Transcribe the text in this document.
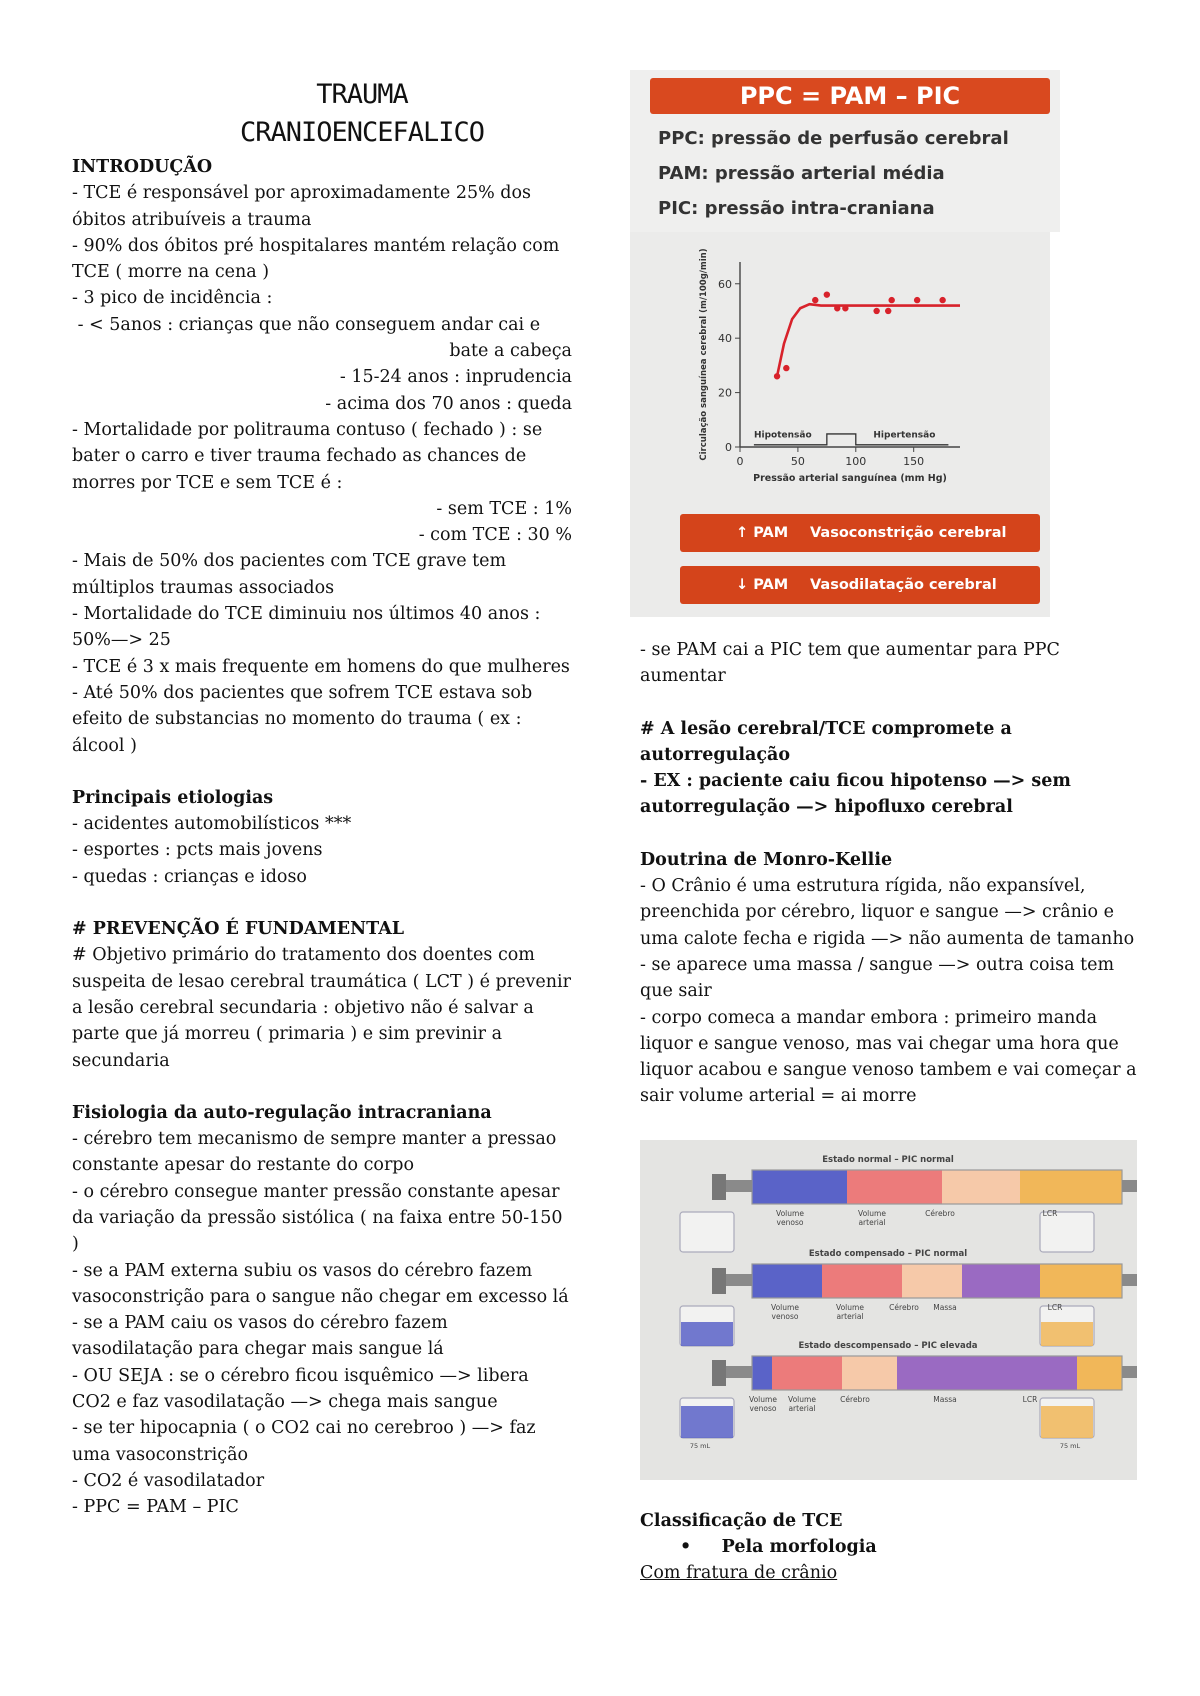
TRAUMA
CRANIOENCEFALICO
INTRODUÇÃO
- TCE é responsável por aproximadamente 25% dos óbitos atribuíveis a trauma
- 90% dos óbitos pré hospitalares mantém relação com TCE ( morre na cena )
- 3 pico de incidência :
- < 5anos : crianças que não conseguem andar cai e
bate a cabeça
- 15-24 anos : inprudencia
- acima dos 70 anos : queda
- Mortalidade por politrauma contuso ( fechado ) : se bater o carro e tiver trauma fechado as chances de morres por TCE e sem TCE é :
- sem TCE : 1%
- com TCE : 30 %
- Mais de 50% dos pacientes com TCE grave tem múltiplos traumas associados
- Mortalidade do TCE diminuiu nos últimos 40 anos :  50%—> 25
- TCE é 3 x mais frequente em homens do que mulheres
- Até 50% dos pacientes que sofrem TCE estava sob efeito de substancias no momento do trauma ( ex : álcool )
Principais etiologias
- acidentes automobilísticos ***
- esportes : pcts mais jovens
- quedas : crianças e idoso
# PREVENÇÃO É FUNDAMENTAL
# Objetivo primário do tratamento dos doentes com suspeita de lesao cerebral traumática ( LCT ) é prevenir a lesão cerebral secundaria : objetivo não é salvar a parte que já morreu ( primaria ) e sim previnir a secundaria
Fisiologia da auto-regulação intracraniana
- cérebro tem mecanismo de sempre manter a pressao constante apesar do restante do corpo
- o cérebro consegue manter pressão constante apesar da variação da pressão sistólica ( na faixa entre 50-150 )
- se a PAM externa subiu os vasos do cérebro fazem vasoconstrição para o sangue não chegar em excesso lá
- se a PAM caiu os vasos do cérebro fazem vasodilatação para chegar mais sangue lá
- OU SEJA : se o cérebro ficou isquêmico —> libera CO2 e faz vasodilatação —> chega mais sangue
- se ter hipocapnia ( o CO2 cai no cerebroo ) —> faz uma vasoconstrição
- CO2 é vasodilatador
- PPC = PAM – PIC
PPC = PAM – PIC
PPC: pressão de perfusão cerebral
PAM: pressão arterial média
PIC: pressão intra-craniana
0
20
40
60
0	50	100	150
Pressão arterial sanguínea (mm Hg)
Circulação sanguínea cerebral (m/100g/min)	Hipotensão	Hipertensão
↑ PAM Vasoconstrição cerebral
↓ PAM Vasodilatação cerebral
- se PAM cai a PIC tem que aumentar para PPC aumentar
# A lesão cerebral/TCE compromete a autorregulação
- EX : paciente caiu ficou hipotenso —> sem autorregulação —> hipofluxo cerebral
Doutrina de Monro-Kellie
- O Crânio é uma estrutura rígida, não expansível, preenchida por cérebro, liquor e sangue —> crânio e uma calote fecha e rigida —> não aumenta de tamanho
- se aparece uma massa / sangue —> outra coisa tem que sair
- corpo comeca a mandar embora : primeiro manda liquor e sangue venoso, mas vai chegar uma hora que liquor acabou e sangue venoso tambem e vai começar a sair volume arterial = ai morre
Estado normal – PIC normal
Volume
venoso
Volume
arterial
Cérebro	LCR
Estado compensado – PIC normal
Volume
venoso
Volume
arterial
Cérebro Massa	LCR
Estado descompensado – PIC elevada
Volume
venoso
Volume
arterial
Cérebro	Massa	LCR
75 mL	75 mL
Classificação de TCE
•     Pela morfologia
Com fratura de crânio
